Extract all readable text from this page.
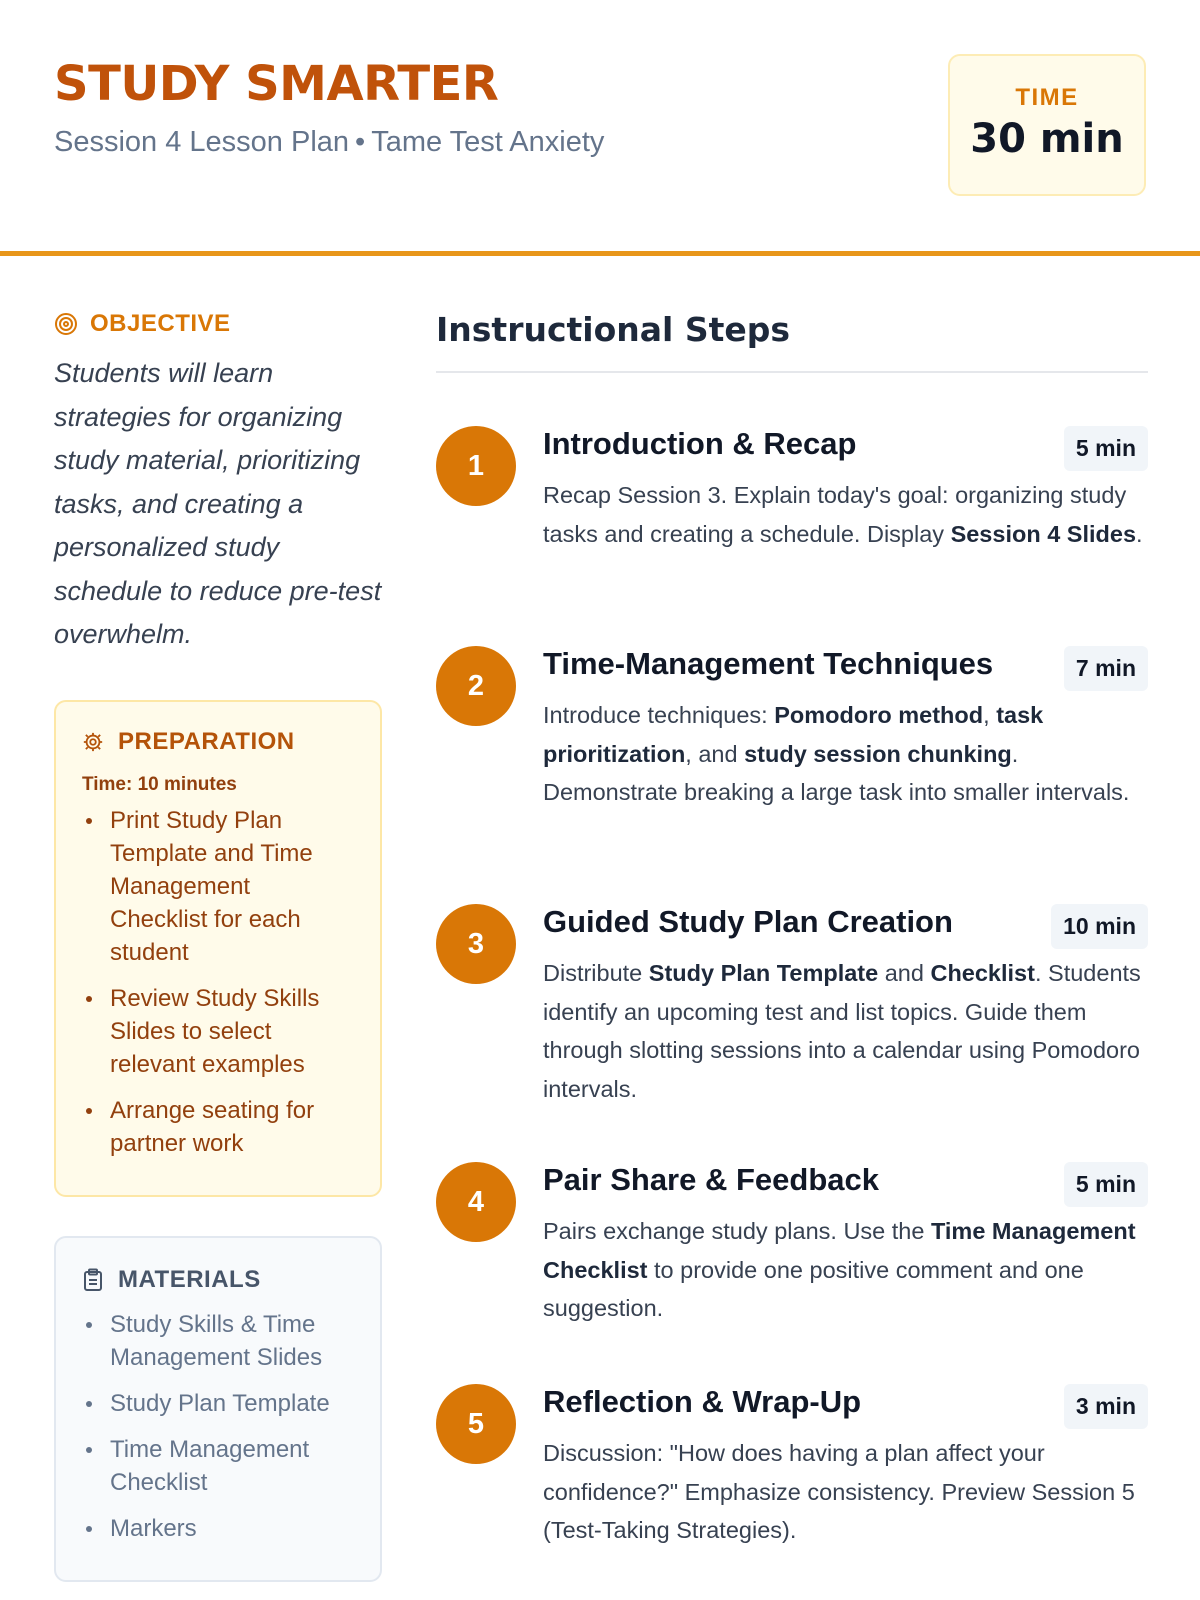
STUDY SMARTER
Session 4 Lesson Plan • Tame Test Anxiety
TIME
30 min
OBJECTIVE
Students will learn strategies for organizing study material, prioritizing tasks, and creating a personalized study schedule to reduce pre-test overwhelm.
PREPARATION
Time: 10 minutes
Print Study Plan Template and Time Management Checklist for each student
Review Study Skills Slides to select relevant examples
Arrange seating for partner work
MATERIALS
Study Skills & Time Management Slides
Study Plan Template
Time Management Checklist
Markers
Instructional Steps
1
Introduction & Recap	5 min
Recap Session 3. Explain today's goal: organizing study tasks and creating a schedule. Display Session 4 Slides.
2
Time-Management Techniques	7 min
Introduce techniques: Pomodoro method, task prioritization, and study session chunking. Demonstrate breaking a large task into smaller intervals.
3
Guided Study Plan Creation	10 min
Distribute Study Plan Template and Checklist. Students identify an upcoming test and list topics. Guide them through slotting sessions into a calendar using Pomodoro intervals.
4
Pair Share & Feedback	5 min
Pairs exchange study plans. Use the Time Management Checklist to provide one positive comment and one suggestion.
5
Reflection & Wrap-Up	3 min
Discussion: "How does having a plan affect your confidence?" Emphasize consistency. Preview Session 5 (Test-Taking Strategies).
